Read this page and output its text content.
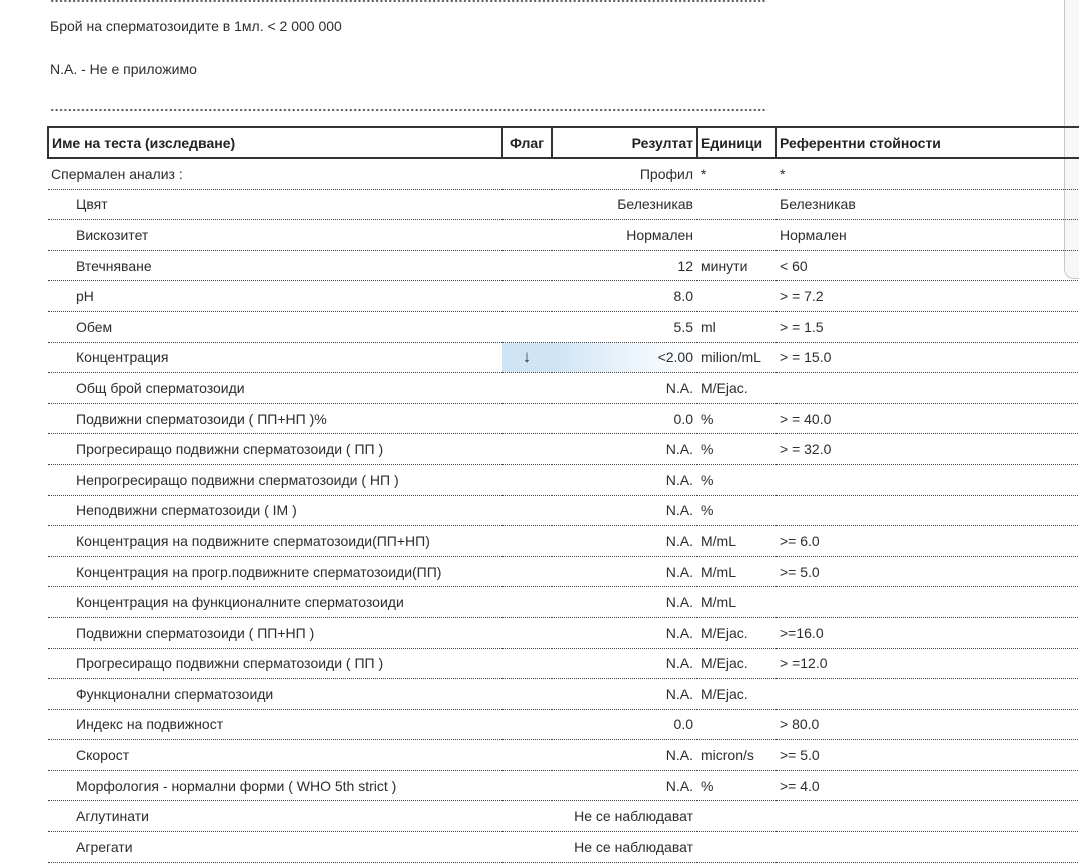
Брой на сперматозоидите в 1мл. < 2 000 000
N.A. - Не е приложимо
Име на теста (изследване)	Флаг	Резултат	Единици	Референтни стойности
Спермален анализ :		Профил	*	*
Цвят		Белезникав		Белезникав
Вискозитет		Нормален		Нормален
Втечняване		12	минути	< 60
pH		8.0		> = 7.2
Обем		5.5	ml	> = 1.5
Концентрация	↓	<2.00	milion/mL	> = 15.0
Общ брой сперматозоиди		N.A.	M/Ejac.	
Подвижни сперматозоиди ( ПП+НП )%		0.0	%	> = 40.0
Прогресиращо подвижни сперматозоиди ( ПП )		N.A.	%	> = 32.0
Непрогресиращо подвижни сперматозоиди ( НП )		N.A.	%	
Неподвижни сперматозоиди ( IM )		N.A.	%	
Концентрация на подвижните сперматозоиди(ПП+НП)		N.A.	M/mL	>= 6.0
Концентрация на прогр.подвижните сперматозоиди(ПП)		N.A.	M/mL	>= 5.0
Концентрация на функционалните сперматозоиди		N.A.	M/mL	
Подвижни сперматозоиди ( ПП+НП )		N.A.	M/Ejac.	>=16.0
Прогресиращо подвижни сперматозоиди ( ПП )		N.A.	M/Ejac.	> =12.0
Функционални сперматозоиди		N.A.	M/Ejac.	
Индекс на подвижност		0.0		> 80.0
Скорост		N.A.	micron/s	>= 5.0
Морфология - нормални форми ( WHO 5th strict )		N.A.	%	>= 4.0
Аглутинати		Не се наблюдават		
Агрегати		Не се наблюдават		
